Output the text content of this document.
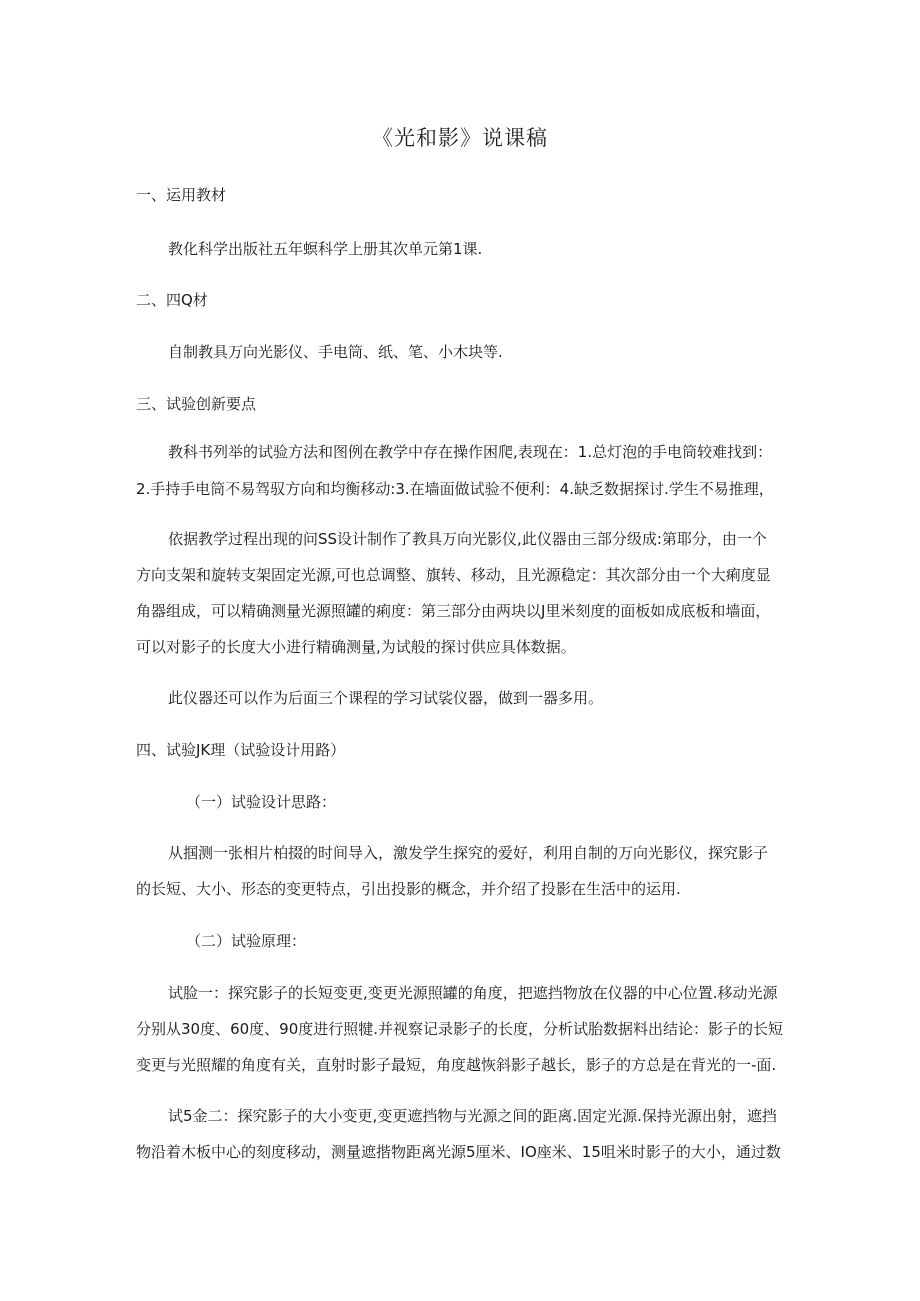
《光和影》说课稿
一、运用教材
教化科学出版社五年螟科学上册其次单元第1课.
二、四Q材
自制教具万向光影仪、手电筒、纸、笔、小木块等.
三、试验创新要点
教科书列举的试验方法和图例在教学中存在操作困爬,表现在：1.总灯泡的手电筒较难找到：
2.手持手电筒不易驾驭方向和均衡移动:3.在墙面做试验不便利：4.缺乏数据探讨.学生不易推理，
依据教学过程出现的问SS设计制作了教具万向光影仪,此仪器由三部分级成:第耶分，由一个
方向支架和旋转支架固定光源,可也总调整、旗转、移动，且光源稳定：其次部分由一个大痢度显
角器组成，可以精确测量光源照罐的痢度：第三部分由两块以J里米刻度的面板如成底板和墙面，
可以对影子的长度大小进行精确测量,为试般的探讨供应具体数据。
此仪器还可以作为后面三个课程的学习试裟仪器，做到一器多用。
四、试验JK理（试验设计用路）
（一）试验设计思路：
从掴测一张相片柏掇的时间导入，激发学生探究的爱好，利用自制的万向光影仪，探究影子
的长短、大小、形态的变更特点，引出投影的概念，并介绍了投影在生活中的运用.
（二）试验原理：
试脸一：探究影子的长短变更,变更光源照罐的角度，把遮挡物放在仪器的中心位置.移动光源
分别从30度、60度、90度进行照犍.并视察记录影子的长度，分析试胎数据料出结论：影子的长短
变更与光照耀的角度有关，直射时影子最短，角度越恢斜影子越长，影子的方总是在背光的一-面.
试5金二：探究影子的大小变更,变更遮挡物与光源之间的距离.固定光源.保持光源出射，遮挡
物沿着木板中心的刻度移动，测量遮揩物距离光源5厘米、IO座米、15咀米时影子的大小，通过数
